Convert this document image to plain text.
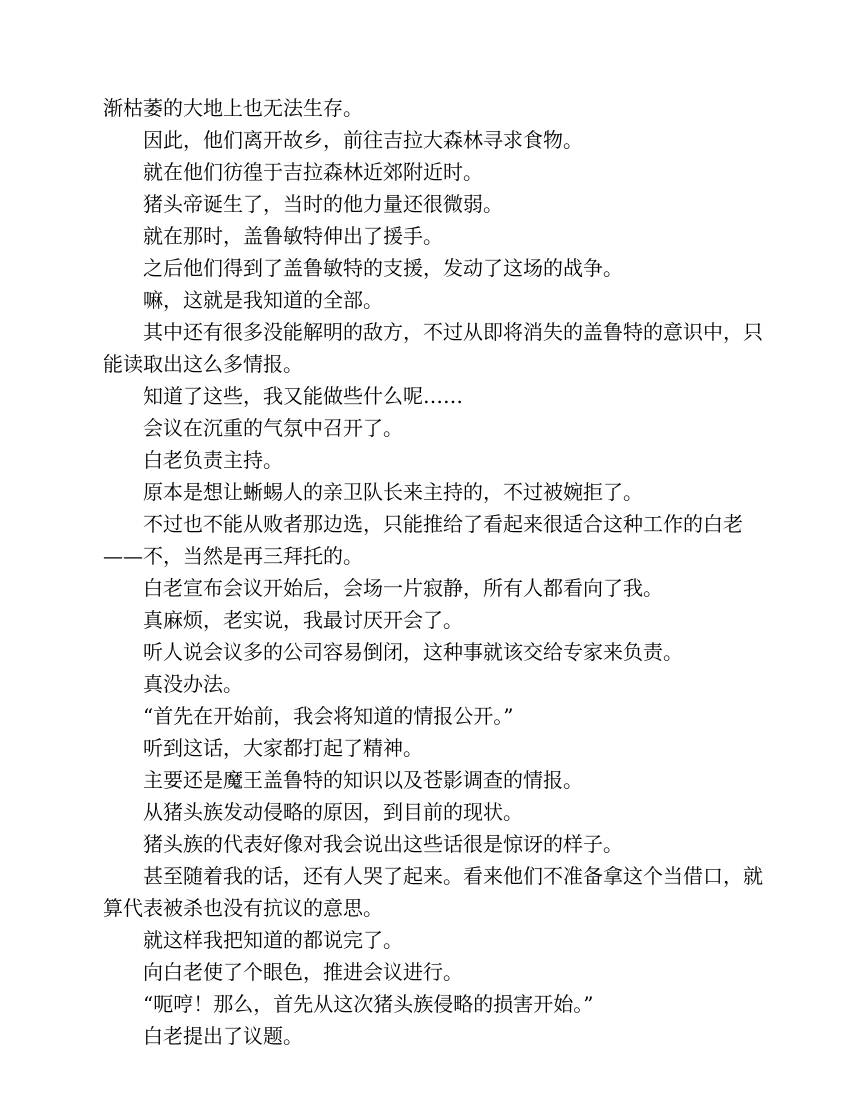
渐枯萎的大地上也无法生存。

因此，他们离开故乡，前往吉拉大森林寻求食物。

就在他们彷徨于吉拉森林近郊附近时。

猪头帝诞生了，当时的他力量还很微弱。

就在那时，盖鲁敏特伸出了援手。

之后他们得到了盖鲁敏特的支援，发动了这场的战争。

嘛，这就是我知道的全部。

其中还有很多没能解明的敌方，不过从即将消失的盖鲁特的意识中，只能读取出这么多情报。

知道了这些，我又能做些什么呢……

会议在沉重的气氛中召开了。

白老负责主持。

原本是想让蜥蜴人的亲卫队长来主持的，不过被婉拒了。

不过也不能从败者那边选，只能推给了看起来很适合这种工作的白老——不，当然是再三拜托的。

白老宣布会议开始后，会场一片寂静，所有人都看向了我。

真麻烦，老实说，我最讨厌开会了。

听人说会议多的公司容易倒闭，这种事就该交给专家来负责。

真没办法。

“首先在开始前，我会将知道的情报公开。”

听到这话，大家都打起了精神。

主要还是魔王盖鲁特的知识以及苍影调查的情报。

从猪头族发动侵略的原因，到目前的现状。

猪头族的代表好像对我会说出这些话很是惊讶的样子。

甚至随着我的话，还有人哭了起来。看来他们不准备拿这个当借口，就算代表被杀也没有抗议的意思。

就这样我把知道的都说完了。

向白老使了个眼色，推进会议进行。

“呃哼！那么，首先从这次猪头族侵略的损害开始。”

白老提出了议题。
